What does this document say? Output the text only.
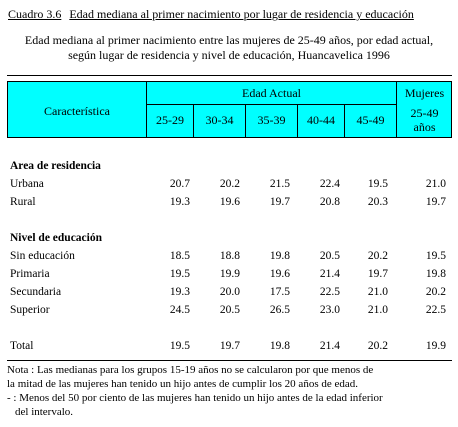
Cuadro 3.6 Edad mediana al primer nacimiento por lugar de residencia y educación
Edad mediana al primer nacimiento entre las mujeres de 25-49 años, por edad actual,
según lugar de residencia y nivel de educación, Huancavelica 1996
Característica
Edad Actual
25-29	30-34	35-39	40-44	45-49
Mujeres
25-49
años
Area de residencia
Urbana	20.7	20.2	21.5	22.4	19.5	21.0
Rural	19.3	19.6	19.7	20.8	20.3	19.7
Nivel de educación
Sin educación	18.5	18.8	19.8	20.5	20.2	19.5
Primaria	19.5	19.9	19.6	21.4	19.7	19.8
Secundaria	19.3	20.0	17.5	22.5	21.0	20.2
Superior	24.5	20.5	26.5	23.0	21.0	22.5
Total	19.5	19.7	19.8	21.4	20.2	19.9
Nota : Las medianas para los grupos 15-19 años no se calcularon por que menos de
la mitad de las mujeres han tenido un hijo antes de cumplir los 20 años de edad.
- : Menos del 50 por ciento de las mujeres han tenido un hijo antes de la edad inferior
del intervalo.
